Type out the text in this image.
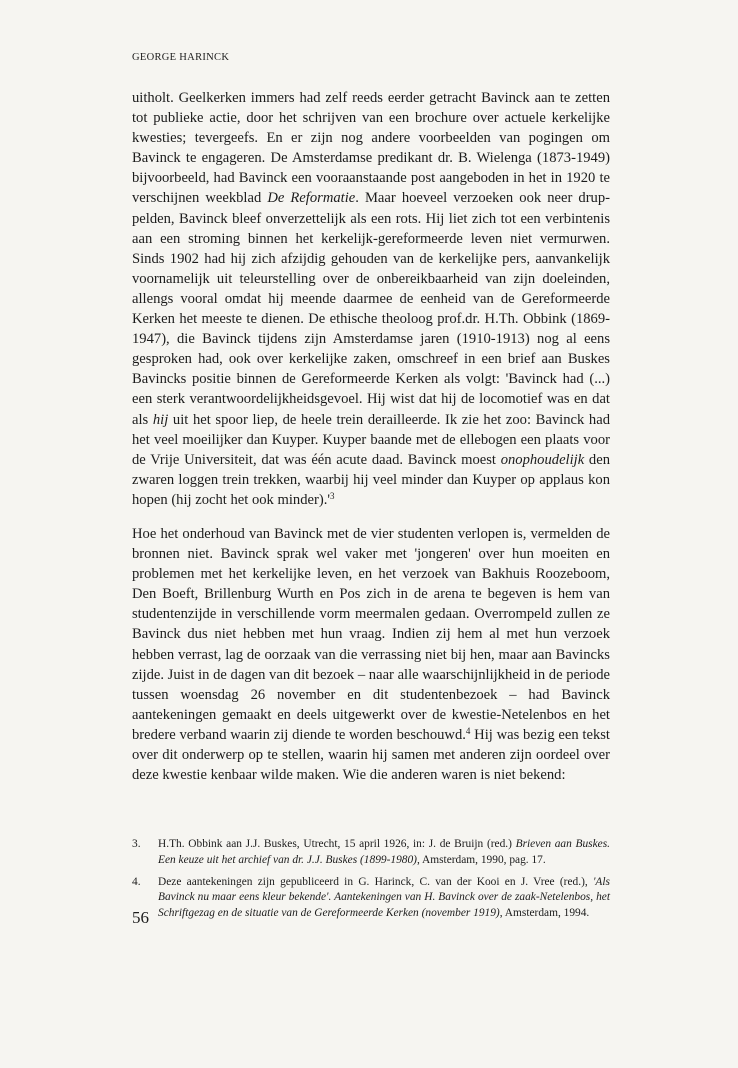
GEORGE HARINCK

uitholt. Geelkerken immers had zelf reeds eerder getracht Bavinck aan te zetten tot publieke actie, door het schrijven van een brochure over actuele kerkelijke kwesties; tevergeefs. En er zijn nog andere voorbeelden van pogingen om Bavinck te engageren. De Amsterdamse predikant dr. B. Wielenga (1873-1949) bijvoorbeeld, had Bavinck een vooraanstaande post aangeboden in het in 1920 te verschijnen weekblad De Reformatie. Maar hoeveel verzoeken ook neer drup-pelden, Bavinck bleef onverzettelijk als een rots. Hij liet zich tot een verbintenis aan een stroming binnen het kerkelijk-gereformeerde leven niet vermurwen. Sinds 1902 had hij zich afzijdig gehouden van de kerkelijke pers, aanvankelijk voornamelijk uit teleurstelling over de onbereikbaarheid van zijn doeleinden, allengs vooral omdat hij meende daarmee de eenheid van de Gereformeerde Kerken het meeste te dienen. De ethische theoloog prof.dr. H.Th. Obbink (1869-1947), die Bavinck tijdens zijn Amsterdamse jaren (1910-1913) nog al eens gesproken had, ook over kerkelijke zaken, omschreef in een brief aan Buskes Bavincks positie binnen de Gereformeerde Kerken als volgt: 'Bavinck had (...) een sterk verantwoordelijkheidsgevoel. Hij wist dat hij de locomotief was en dat als hij uit het spoor liep, de heele trein derailleerde. Ik zie het zoo: Bavinck had het veel moeilijker dan Kuyper. Kuyper baande met de ellebogen een plaats voor de Vrije Universiteit, dat was één acute daad. Bavinck moest onophoudelijk den zwaren loggen trein trekken, waarbij hij veel minder dan Kuyper op applaus kon hopen (hij zocht het ook $minder).'^3$

Hoe het onderhoud van Bavinck met de vier studenten verlopen is, vermelden de bronnen niet. Bavinck sprak wel vaker met 'jongeren' over hun moeiten en problemen met het kerkelijke leven, en het verzoek van Bakhuis Roozeboom, Den Boeft, Brillenburg Wurth en Pos zich in de arena te begeven is hem van studentenzijde in verschillende vorm meermalen gedaan. Overrompeld zullen ze Bavinck dus niet hebben met hun vraag. Indien zij hem al met hun verzoek hebben verrast, lag de oorzaak van die verrassing niet bij hen, maar aan Bavincks zijde. Juist in de dagen van dit bezoek – naar alle waarschijnlijkheid in de periode tussen woensdag 26 november en dit studentenbezoek – had Bavinck aantekeningen gemaakt en deels uitgewerkt over de kwestie-Netelenbos en het bredere verband waarin zij diende te worden beschouwd.$^4$ Hij was bezig een tekst over dit onderwerp op te stellen, waarin hij samen met anderen zijn oordeel over deze kwestie kenbaar wilde maken. Wie die anderen waren is niet bekend:

3.	H.Th. Obbink aan J.J. Buskes, Utrecht, 15 april 1926, in: J. de Bruijn (red.) Brieven aan Buskes. Een keuze uit het archief van dr. J.J. Buskes (1899-1980), Amsterdam, 1990, pag. 17.
4.	Deze aantekeningen zijn gepubliceerd in G. Harinck, C. van der Kooi en J. Vree (red.), 'Als Bavinck nu maar eens kleur bekende'. Aantekeningen van H. Bavinck over de zaak-Netelenbos, het Schriftgezag en de situatie van de Gereformeerde Kerken (november 1919), Amsterdam, 1994.
56
